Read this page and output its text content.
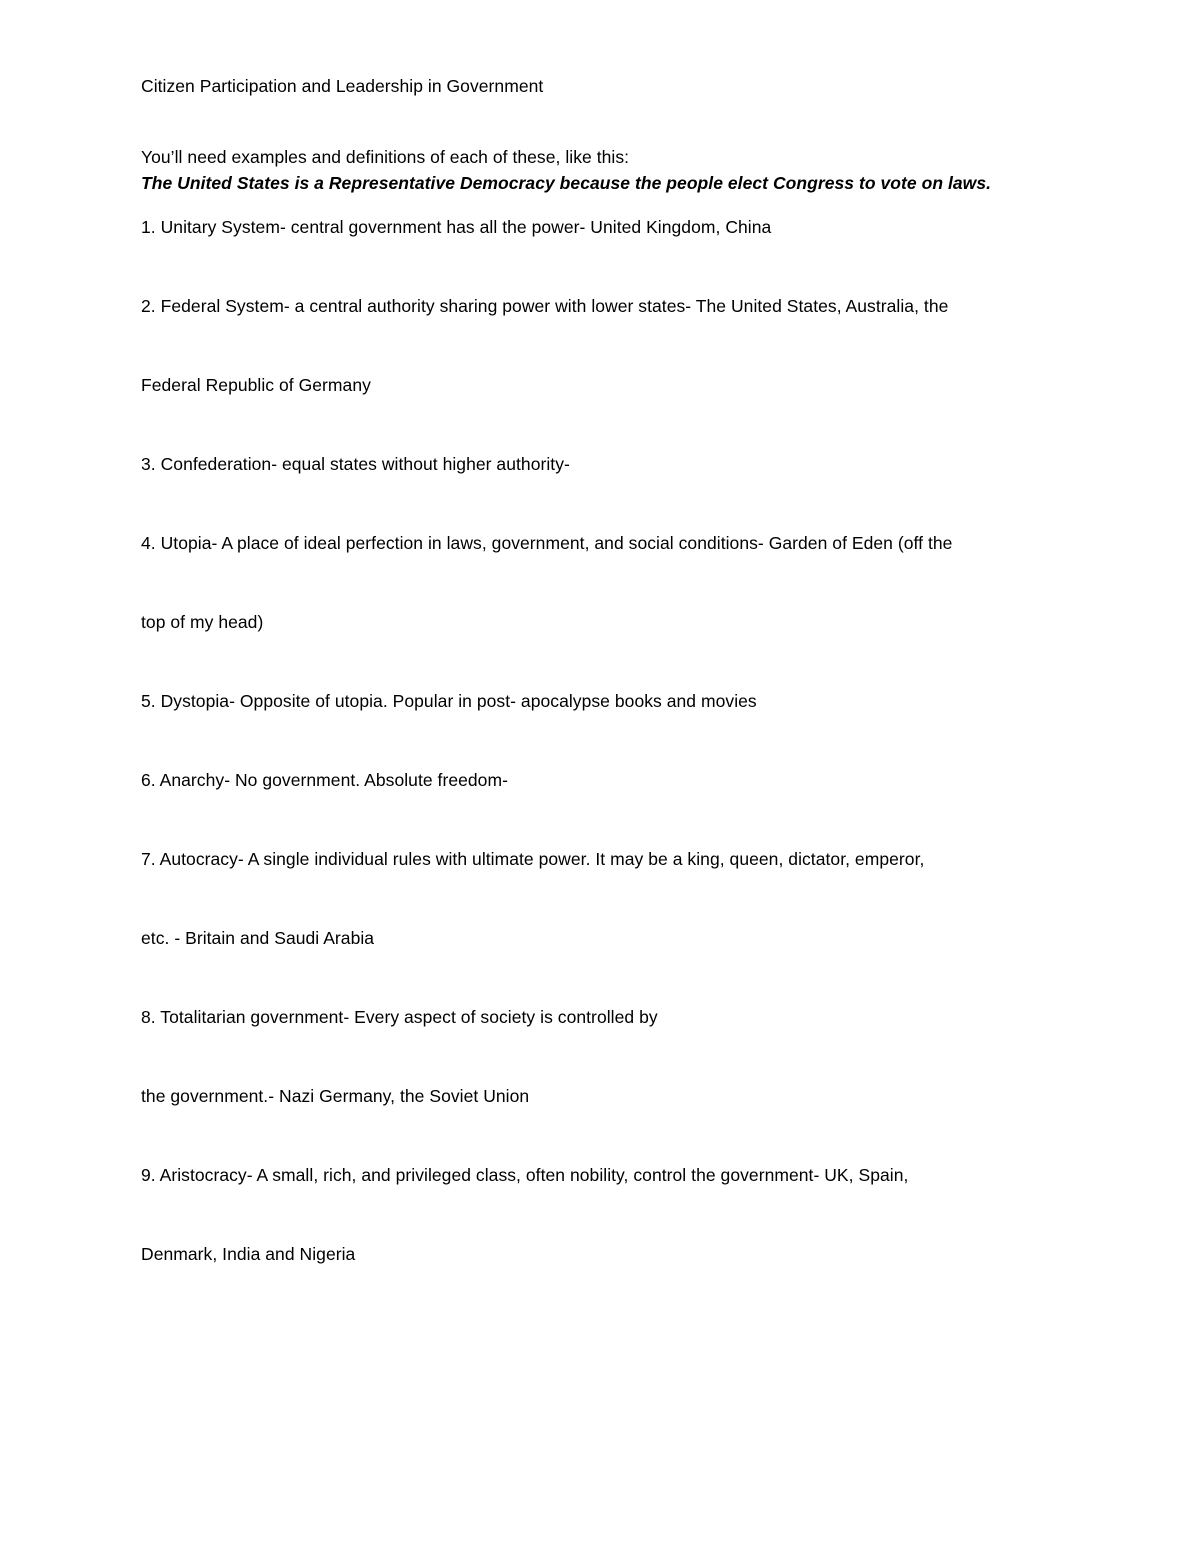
Citizen Participation and Leadership in Government
You’ll need examples and definitions of each of these, like this:
The United States is a Representative Democracy because the people elect Congress to vote on laws.
1. Unitary System- central government has all the power- United Kingdom, China
2. Federal System- a central authority sharing power with lower states- The United States, Australia, the
Federal Republic of Germany
3. Confederation- equal states without higher authority-
4. Utopia- A place of ideal perfection in laws, government, and social conditions- Garden of Eden (off the
top of my head)
5. Dystopia- Opposite of utopia. Popular in post- apocalypse books and movies
6. Anarchy- No government. Absolute freedom-
7. Autocracy- A single individual rules with ultimate power. It may be a king, queen, dictator, emperor,
etc. - Britain and Saudi Arabia
8. Totalitarian government- Every aspect of society is controlled by
the government.- Nazi Germany, the Soviet Union
9. Aristocracy- A small, rich, and privileged class, often nobility, control the government- UK, Spain,
Denmark, India and Nigeria
